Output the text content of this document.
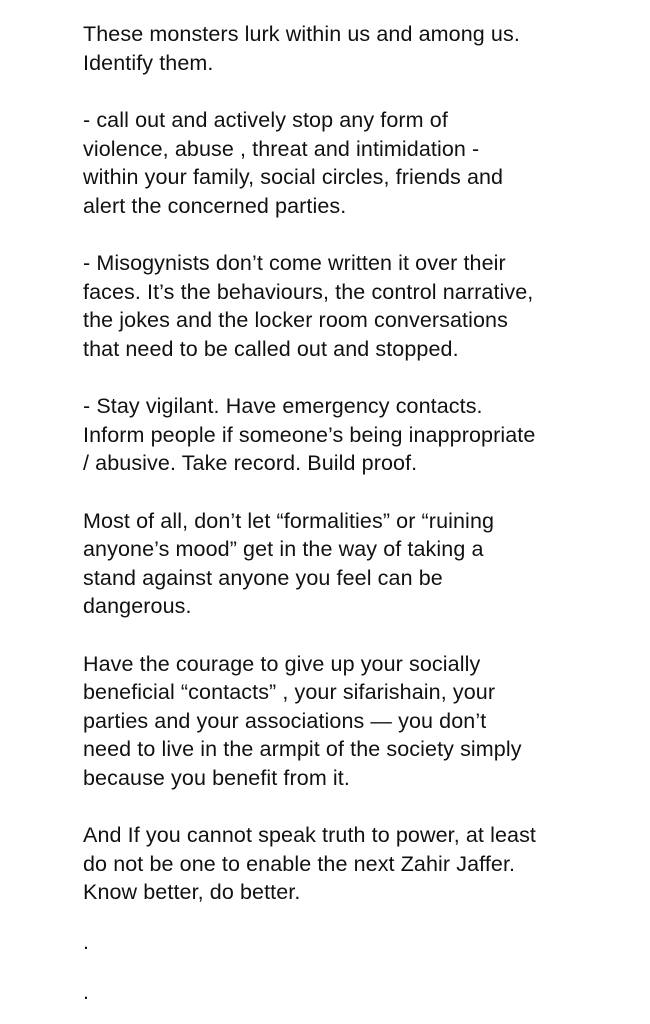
These monsters lurk within us and among us.
Identify them.

- call out and actively stop any form of
violence, abuse , threat and intimidation -
within your family, social circles, friends and
alert the concerned parties.

- Misogynists don’t come written it over their
faces. It’s the behaviours, the control narrative,
the jokes and the locker room conversations
that need to be called out and stopped.

- Stay vigilant. Have emergency contacts.
Inform people if someone’s being inappropriate
/ abusive. Take record. Build proof.

Most of all, don’t let “formalities” or “ruining
anyone’s mood” get in the way of taking a
stand against anyone you feel can be
dangerous.

Have the courage to give up your socially
beneficial “contacts” , your sifarishain, your
parties and your associations — you don’t
need to live in the armpit of the society simply
because you benefit from it.

And If you cannot speak truth to power, at least
do not be one to enable the next Zahir Jaffer.
Know better, do better.

.

.
